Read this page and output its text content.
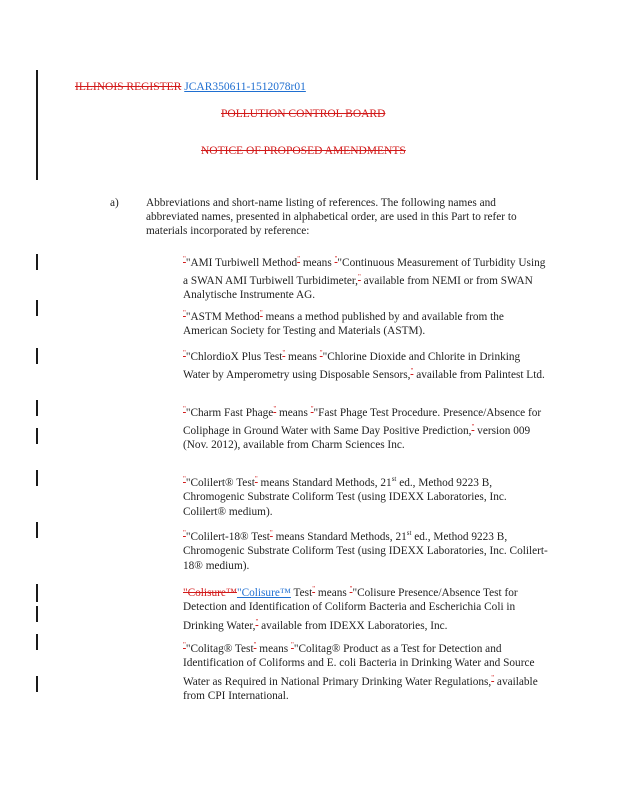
ILLINOIS REGISTER JCAR350611-1512078r01
POLLUTION CONTROL BOARD
NOTICE OF PROPOSED AMENDMENTS
a) Abbreviations and short-name listing of references. The following names and abbreviated names, presented in alphabetical order, are used in this Part to refer to materials incorporated by reference:
""AMI Turbiwell Method" means ""Continuous Measurement of Turbidity Using a SWAN AMI Turbiwell Turbidimeter," available from NEMI or from SWAN Analytische Instrumente AG.
""ASTM Method" means a method published by and available from the American Society for Testing and Materials (ASTM).
""ChlordioX Plus Test" means ""Chlorine Dioxide and Chlorite in Drinking Water by Amperometry using Disposable Sensors," available from Palintest Ltd.
""Charm Fast Phage" means ""Fast Phage Test Procedure. Presence/Absence for Coliphage in Ground Water with Same Day Positive Prediction," version 009 (Nov. 2012), available from Charm Sciences Inc.
""Colilert® Test" means Standard Methods, 21st ed., Method 9223 B, Chromogenic Substrate Coliform Test (using IDEXX Laboratories, Inc. Colilert® medium).
""Colilert-18® Test" means Standard Methods, 21st ed., Method 9223 B, Chromogenic Substrate Coliform Test (using IDEXX Laboratories, Inc. Colilert-18® medium).
"Colisure™"Colisure™ Test" means ""Colisure Presence/Absence Test for Detection and Identification of Coliform Bacteria and Escherichia Coli in Drinking Water," available from IDEXX Laboratories, Inc.
""Colitag® Test" means ""Colitag® Product as a Test for Detection and Identification of Coliforms and E. coli Bacteria in Drinking Water and Source Water as Required in National Primary Drinking Water Regulations," available from CPI International.
